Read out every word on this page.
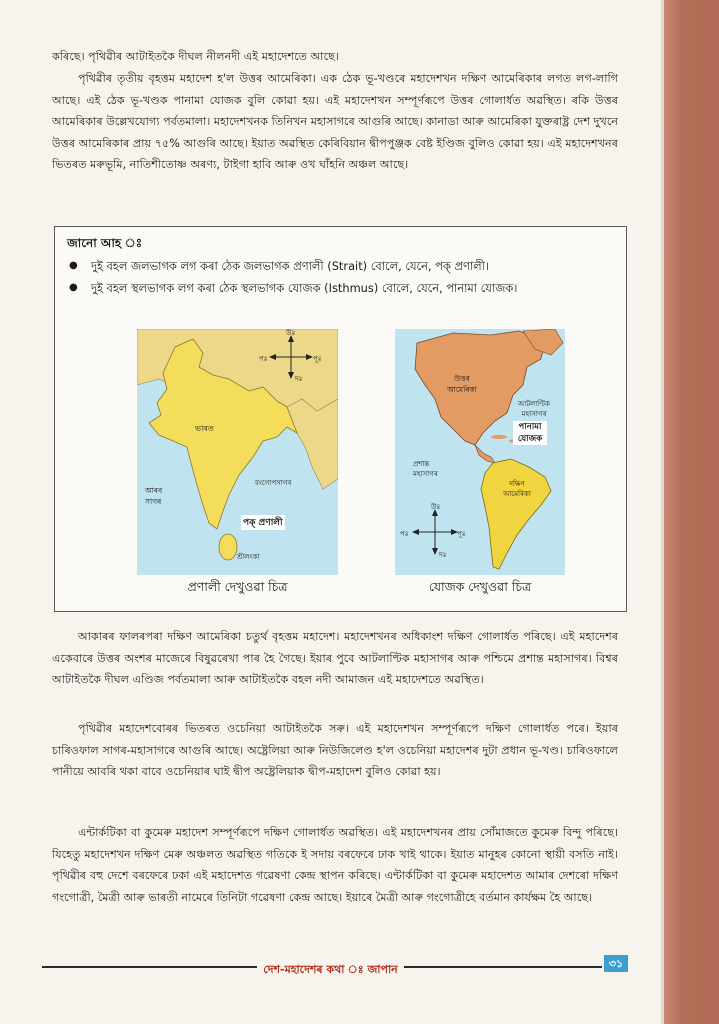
কৰিছে। পৃথিৱীৰ আটাইতকৈ দীঘল নীলনদী এই মহাদেশতে আছে।

পৃথিৱীৰ তৃতীয় বৃহত্তম মহাদেশ হ'ল উত্তৰ আমেৰিকা। এক ঠেক ভূ-খণ্ডৰে মহাদেশখন দক্ষিণ আমেৰিকাৰ লগত লগ-লাগি আছে। এই ঠেক ভূ-খণ্ডক পানামা যোজক বুলি কোৱা হয়। এই মহাদেশখন সম্পূৰ্ণৰূপে উত্তৰ গোলাৰ্ধত অৱস্থিত। ৰকি উত্তৰ আমেৰিকাৰ উল্লেখযোগ্য পৰ্বতমালা। মহাদেশখনক তিনিখন মহাসাগৰে আগুৰি আছে। কানাডা আৰু আমেৰিকা যুক্তৰাষ্ট্ৰ দেশ দুখনে উত্তৰ আমেৰিকাৰ প্ৰায় ৭৫% আগুৰি আছে। ইয়াত অৱস্থিত কেৰিবিয়ান দ্বীপপুঞ্জক বেষ্ট ইণ্ডিজ বুলিও কোৱা হয়। এই মহাদেশখনৰ ভিতৰত মৰুভূমি, নাতিশীতোষ্ণ অৰণ্য, টাইগা হাবি আৰু ওখ ঘাঁহনি অঞ্চল আছে।

জানো আহ ঃ
● দুই বহল জলভাগক লগ কৰা ঠেক জলভাগক প্ৰণালী (Strait) বোলে, যেনে, পক্ প্ৰণালী।
● দুই বহল স্থলভাগক লগ কৰা ঠেক স্থলভাগক যোজক (Isthmus) বোলে, যেনে, পানামা যোজক।
উঃ
দঃ
পঃ	পূঃ
ভাৰত
আৰব সাগৰ
বংগোপসাগৰ
পক্ প্ৰণালী
শ্ৰীলংকা
প্ৰণালী দেখুওৱা চিত্ৰ
উঃ
দঃ
পঃ	পূঃ
উত্তৰ আমেৰিকা
আটলাণ্টিক মহাসাগৰ
পানামা যোজক
প্ৰশান্ত মহাসাগৰ
দক্ষিণ আমেৰিকা
যোজক দেখুওৱা চিত্ৰ

আকাৰৰ ফালৰপৰা দক্ষিণ আমেৰিকা চতুৰ্থ বৃহত্তম মহাদেশ। মহাদেশখনৰ অধিকাংশ দক্ষিণ গোলাৰ্ধত পৰিছে। এই মহাদেশৰ একেবাৰে উত্তৰ অংশৰ মাজেৰে বিষুৱৰেখা পাৰ হৈ গৈছে। ইয়াৰ পুবে আটলাণ্টিক মহাসাগৰ আৰু পশ্চিমে প্ৰশান্ত মহাসাগৰ। বিশ্বৰ আটাইতকৈ দীঘল এণ্ডিজ পৰ্বতমালা আৰু আটাইতকৈ বহল নদী আমাজন এই মহাদেশতে অৱস্থিত।

পৃথিৱীৰ মহাদেশবোৰৰ ভিতৰত ওচেনিয়া আটাইতকৈ সৰু। এই মহাদেশখন সম্পূৰ্ণৰূপে দক্ষিণ গোলাৰ্ধত পৰে। ইয়াৰ চাৰিওফাল সাগৰ-মহাসাগৰে আগুৰি আছে। অষ্ট্ৰেলিয়া আৰু নিউজিলেণ্ড হ'ল ওচেনিয়া মহাদেশৰ দুটা প্ৰধান ভূ-খণ্ড। চাৰিওফালে পানীয়ে আবৰি থকা বাবে ওচেনিয়াৰ ঘাই দ্বীপ অষ্ট্ৰেলিয়াক দ্বীপ-মহাদেশ বুলিও কোৱা হয়।

এন্টাৰ্কটিকা বা কুমেৰু মহাদেশ সম্পূৰ্ণৰূপে দক্ষিণ গোলাৰ্ধত অৱস্থিত। এই মহাদেশখনৰ প্ৰায় সোঁমাজতে কুমেৰু বিন্দু পৰিছে। যিহেতু মহাদেশখন দক্ষিণ মেৰু অঞ্চলত অৱস্থিত গতিকে ই সদায় বৰফেৰে ঢাক খাই থাকে। ইয়াত মানুহৰ কোনো স্থায়ী বসতি নাই। পৃথিৱীৰ বহু দেশে বৰফেৰে ঢকা এই মহাদেশত গৱেষণা কেন্দ্ৰ স্থাপন কৰিছে। এন্টাৰ্কটিকা বা কুমেৰু মহাদেশত আমাৰ দেশৰো দক্ষিণ গংগোত্ৰী, মৈত্ৰী আৰু ভাৰতী নামেৰে তিনিটা গৱেষণা কেন্দ্ৰ আছে। ইয়াৰে মৈত্ৰী আৰু গংগোত্ৰীহে বৰ্তমান কাৰ্যক্ষম হৈ আছে।

দেশ-মহাদেশৰ কথা ঃ জাপান	৩১
